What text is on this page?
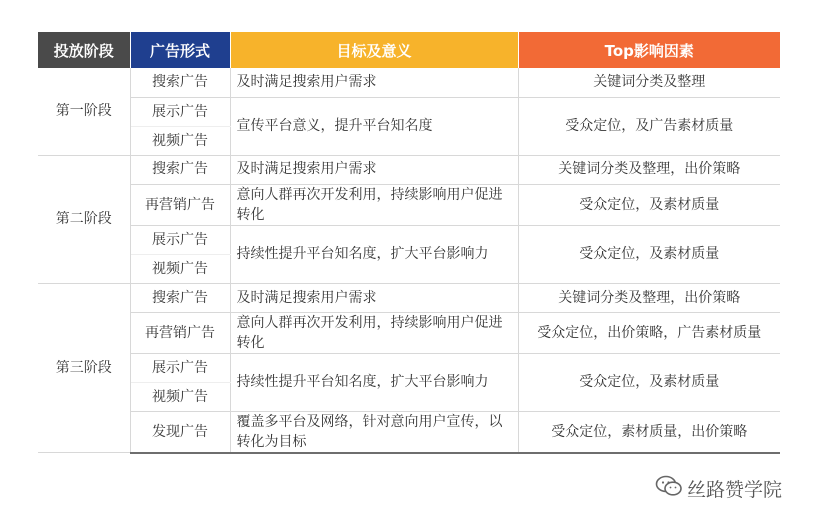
投放阶段	广告形式	目标及意义	Top影响因素
第一阶段	搜索广告	及时满足搜索用户需求	关键词分类及整理
	展示广告	宣传平台意义，提升平台知名度	受众定位，及广告素材质量
	视频广告		

第二阶段	搜索广告	及时满足搜索用户需求	关键词分类及整理，出价策略
	再营销广告	意向人群再次开发利用，持续影响用户促进转化	受众定位，及素材质量
	展示广告	持续性提升平台知名度，扩大平台影响力	受众定位，及素材质量
	视频广告		
第三阶段	搜索广告	及时满足搜索用户需求	关键词分类及整理，出价策略
	再营销广告	意向人群再次开发利用，持续影响用户促进转化	受众定位，出价策略，广告素材质量
	展示广告	持续性提升平台知名度，扩大平台影响力	受众定位，及素材质量
	视频广告		
	发现广告	覆盖多平台及网络，针对意向用户宣传，以转化为目标	受众定位，素材质量，出价策略
丝路赞学院
